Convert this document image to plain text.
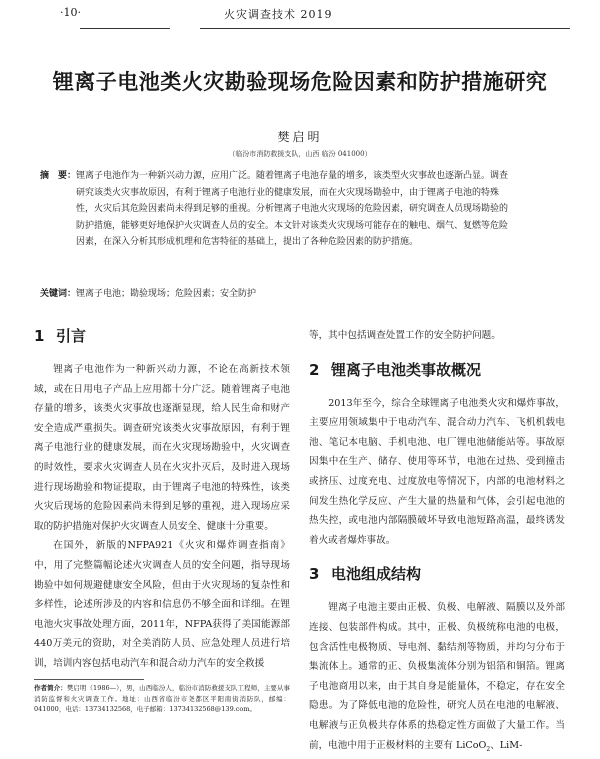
·10·	火灾调查技术 2019
锂离子电池类火灾勘验现场危险因素和防护措施研究
樊启明
（临汾市消防救援支队，山西 临汾 041000）
摘　要： 锂离子电池作为一种新兴动力源，应用广泛。随着锂离子电池存量的增多，该类型火灾事故也逐渐凸显。调查研究该类火灾事故原因，有利于锂离子电池行业的健康发展，而在火灾现场勘验中，由于锂离子电池的特殊性，火灾后其危险因素尚未得到足够的重视。分析锂离子电池火灾现场的危险因素，研究调查人员现场勘验的防护措施，能够更好地保护火灾调查人员的安全。本文针对该类火灾现场可能存在的触电、烟气、复燃等危险因素，在深入分析其形成机理和危害特征的基础上，提出了各种危险因素的防护措施。
关键词：锂离子电池；勘验现场；危险因素；安全防护
1 引言

锂离子电池作为一种新兴动力源，不论在高新技术领域，或在日用电子产品上应用都十分广泛。随着锂离子电池存量的增多，该类火灾事故也逐渐显现，给人民生命和财产安全造成严重损失。调查研究该类火灾事故原因，有利于锂离子电池行业的健康发展，而在火灾现场勘验中，火灾调查的时效性，要求火灾调查人员在火灾扑灭后，及时进入现场进行现场勘验和物证提取，由于锂离子电池的特殊性，该类火灾后现场的危险因素尚未得到足够的重视，进入现场应采取的防护措施对保护火灾调查人员安全、健康十分重要。

在国外，新版的NFPA921《火灾和爆炸调查指南》中，用了完整篇幅论述火灾调查人员的安全问题，指导现场勘验中如何规避健康安全风险，但由于火灾现场的复杂性和多样性，论述所涉及的内容和信息仍不够全面和详细。在锂电池火灾事故处理方面，2011年，NFPA获得了美国能源部440万美元的资助，对全美消防人员、应急处理人员进行培训，培训内容包括电动汽车和混合动力汽车的安全救援

等，其中包括调查处置工作的安全防护问题。

2 锂离子电池类事故概况

2013年至今，综合全球锂离子电池类火灾和爆炸事故，主要应用领域集中于电动汽车、混合动力汽车、飞机机载电池、笔记本电脑、手机电池、电厂锂电池储能站等。事故原因集中在生产、储存、使用等环节，电池在过热、受到撞击或挤压、过度充电、过度放电等情况下，内部的电池材料之间发生热化学反应、产生大量的热量和气体，会引起电池的热失控，或电池内部隔膜破坏导致电池短路高温，最终诱发着火或者爆炸事故。

3 电池组成结构

锂离子电池主要由正极、负极、电解液、隔膜以及外部连接、包装部件构成。其中，正极、负极统称电池的电极，包含活性电极物质、导电剂、黏结剂等物质，并均匀分布于集流体上。通常的正、负极集流体分别为铝箔和铜箔。锂离子电池商用以来，由于其自身是能量体，不稳定，存在安全隐患。为了降低电池的危险性，研究人员在电池的电解液、电解液与正负极共存体系的热稳定性方面做了大量工作。当前，电池中用于正极材料的主要有 LiCoO$_2$、LiM-

作者简介：樊启明（1986—），男，山西临汾人，临汾市消防救援支队工程师，主要从事消防监督和火灾调查工作。地址：山西省临汾市尧都区平阳南街消防队，邮编：041000，电话：13734132568，电子邮箱：13734132568@139.com。
